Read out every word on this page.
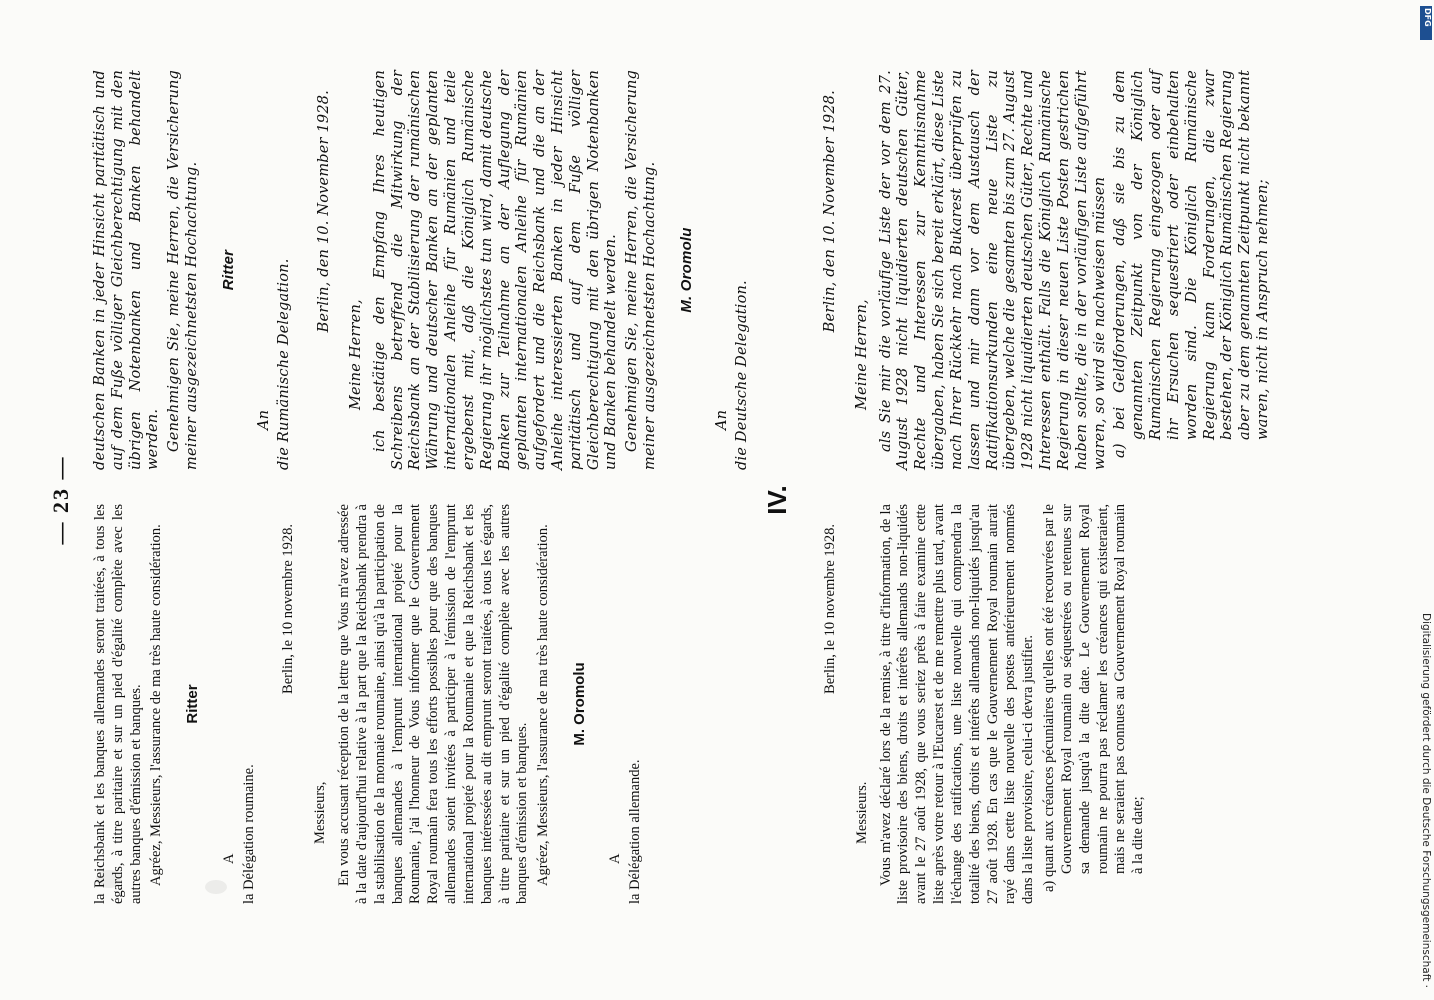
— 23 —

la Reichsbank et les banques allemandes seront traitées, à tous les égards, à titre paritaire et sur un pied d'égalité complète avec les autres banques d'émission et banques. Agréez, Messieurs, l'assurance de ma très haute considération. Ritter
A la Délégation roumaine.
Berlin, le 10 novembre 1928.
Messieurs, En vous accusant réception de la lettre que Vous m'avez adressée à la date d'aujourd'hui relative à la part que la Reichsbank prendra à la stabilisation de la monnaie roumaine, ainsi qu'à la participation de banques allemandes à l'emprunt international projeté pour la Roumanie, j'ai l'honneur de Vous informer que le Gouvernement Royal roumain fera tous les efforts possibles pour que des banques allemandes soient invitées à participer à l'émission de l'emprunt international projeté pour la Roumanie et que la Reichsbank et les banques intéressées au dit emprunt seront traitées, à tous les égards, à titre paritaire et sur un pied d'égalité complète avec les autres banques d'émission et banques. Agréez, Messieurs, l'assurance de ma très haute considération. M. Oromolu
A la Délégation allemande.

deutschen Banken in jeder Hinsicht paritätisch und auf dem Fuße völliger Gleichberechtigung mit den übrigen Notenbanken und Banken behandelt werden. Genehmigen Sie, meine Herren, die Versicherung meiner ausgezeichnetsten Hochachtung. Ritter
An die Rumänische Delegation.
Berlin, den 10. November 1928.
Meine Herren, ich bestätige den Empfang Ihres heutigen Schreibens betreffend die Mitwirkung der Reichsbank an der Stabilisierung der rumänischen Währung und deutscher Banken an der geplanten internationalen Anleihe für Rumänien und teile ergebenst mit, daß die Königlich Rumänische Regierung ihr möglichstes tun wird, damit deutsche Banken zur Teilnahme an der Auflegung der geplanten internationalen Anleihe für Rumänien aufgefordert und die Reichsbank und die an der Anleihe interessierten Banken in jeder Hinsicht paritätisch und auf dem Fuße völliger Gleichberechtigung mit den übrigen Notenbanken und Banken behandelt werden. Genehmigen Sie, meine Herren, die Versicherung meiner ausgezeichnetsten Hochachtung. M. Oromolu
An die Deutsche Delegation.
IV.
Berlin, le 10 novembre 1928.
Messieurs. Vous m'avez déclaré lors de la remise, à titre d'information, de la liste provisoire des biens, droits et intérêts allemands non-liquidés avant le 27 août 1928, que vous seriez prêts à faire examine cette liste après votre retour à l'Eucarest et de me remettre plus tard, avant l'échange des ratifications, une liste nouvelle qui comprendra la totalité des biens, droits et intérêts allemands non-liquidés jusqu'au 27 août 1928. En cas que le Gouvernement Royal roumain aurait rayé dans cette liste nouvelle des postes antérieurement nommés dans la liste provisoire, celui-ci devra justifier. a) quant aux créances pécuniaires qu'elles ont été recouvrées par le Gouvernement Royal roumain ou séquestrées ou retenues sur sa demande jusqu'à la dite date. Le Gouvernement Royal roumain ne pourra pas réclamer les créances qui existeraient, mais ne seraient pas connues au Gouvernement Royal roumain à la dite date;

Berlin, den 10. November 1928.
Meine Herren, als Sie mir die vorläufige Liste der vor dem 27. August 1928 nicht liquidierten deutschen Güter, Rechte und Interessen zur Kenntnisnahme übergaben, haben Sie sich bereit erklärt, diese Liste nach Ihrer Rückkehr nach Bukarest überprüfen zu lassen und mir dann vor dem Austausch der Ratifikationsurkunden eine neue Liste zu übergeben, welche die gesamten bis zum 27. August 1928 nicht liquidierten deutschen Güter, Rechte und Interessen enthält. Falls die Königlich Rumänische Regierung in dieser neuen Liste Posten gestrichen haben sollte, die in der vorläufigen Liste aufgeführt waren, so wird sie nachweisen müssen a) bei Geldforderungen, daß sie bis zu dem genannten Zeitpunkt von der Königlich Rumänischen Regierung eingezogen oder auf ihr Ersuchen sequestriert oder einbehalten worden sind. Die Königlich Rumänische Regierung kann Forderungen, die zwar bestehen, der Königlich Rumänischen Regierung aber zu dem genannten Zeitpunkt nicht bekannt waren, nicht in Anspruch nehmen;

Digitalisierung gefördert durch die Deutsche Forschungsgemeinschaft ·
DFG
